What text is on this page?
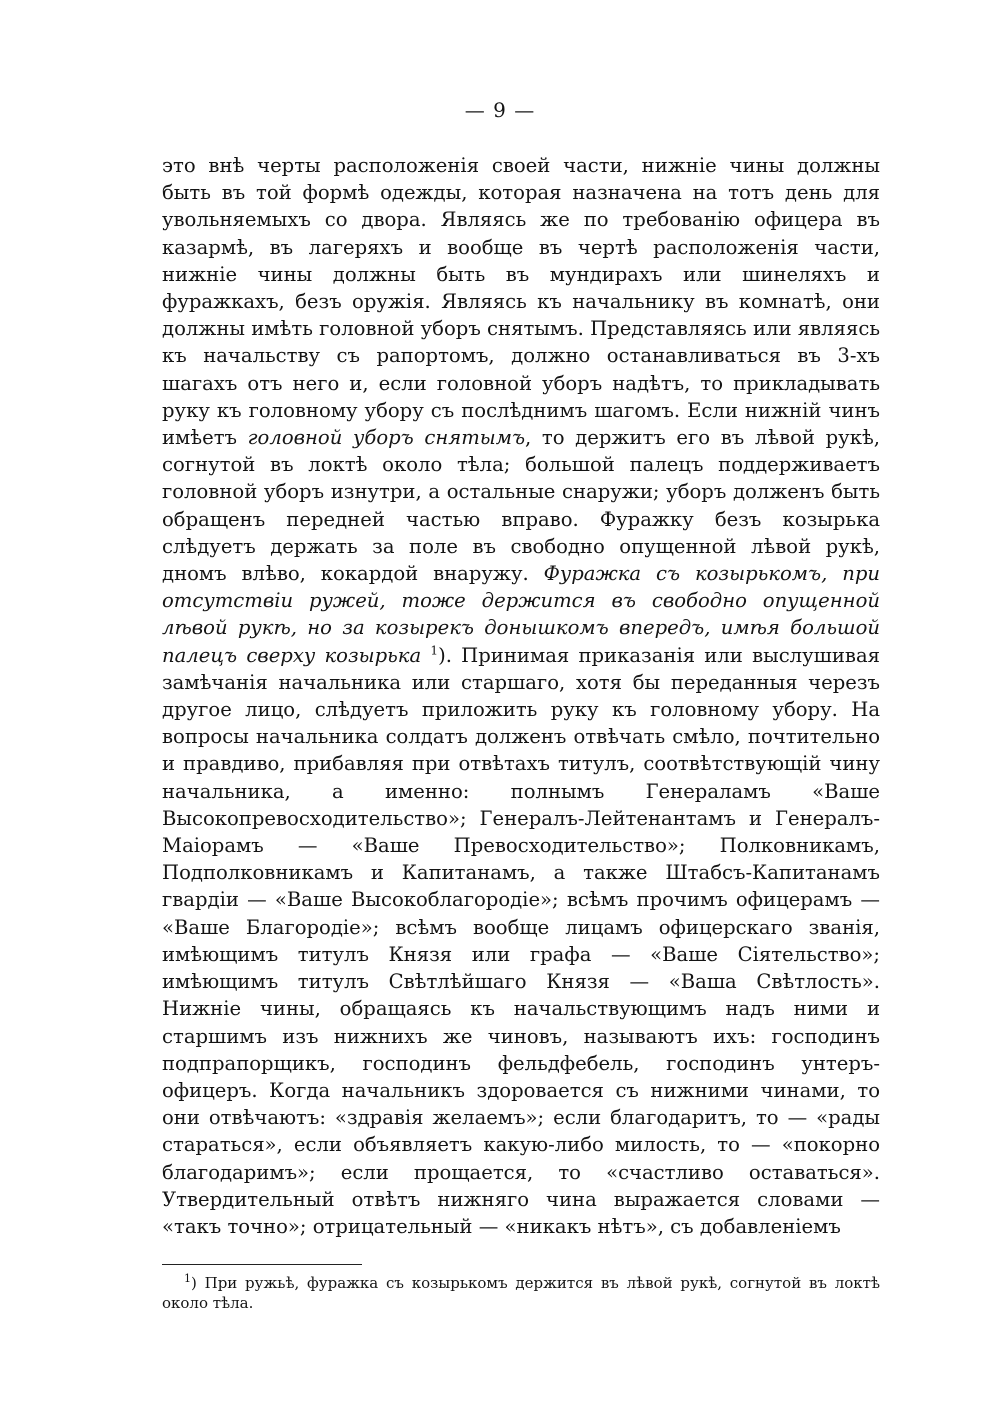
— 9 —
это внѣ черты расположенія своей части, нижніе чины должны быть въ той формѣ одежды, которая назначена на тотъ день для увольняемыхъ со двора. Являясь же по требованію офицера въ казармѣ, въ лагеряхъ и вообще въ чертѣ расположенія части, нижніе чины должны быть въ мундирахъ или шинеляхъ и фуражкахъ, безъ оружія. Являясь къ начальнику въ комнатѣ, они должны имѣть головной уборъ снятымъ. Представляясь или являясь къ начальству съ рапортомъ, должно останавливаться въ 3-хъ шагахъ отъ него и, если головной уборъ надѣтъ, то прикладывать руку къ головному убору съ послѣднимъ шагомъ. Если нижній чинъ имѣетъ головной уборъ снятымъ, то держитъ его въ лѣвой рукѣ, согнутой въ локтѣ около тѣла; большой палецъ поддерживаетъ головной уборъ изнутри, а остальные снаружи; уборъ долженъ быть обращенъ передней частью вправо. Фуражку безъ козырька слѣдуетъ держать за поле въ свободно опущенной лѣвой рукѣ, дномъ влѣво, кокардой внаружу. Фуражка съ козырькомъ, при отсутствіи ружей, тоже держится въ свободно опущенной лѣвой рукѣ, но за козырекъ донышкомъ впередъ, имѣя большой палецъ сверху козырька $^1$). Принимая приказанія или выслушивая замѣчанія начальника или старшаго, хотя бы переданныя черезъ другое лицо, слѣдуетъ приложить руку къ головному убору. На вопросы начальника солдатъ долженъ отвѣчать смѣло, почтительно и правдиво, прибавляя при отвѣтахъ титулъ, соотвѣтствующій чину начальника, а именно: полнымъ Генераламъ «Ваше Высокопревосходительство»; Генералъ-Лейтенантамъ и Генералъ-Маіорамъ — «Ваше Превосходительство»; Полковникамъ, Подполковникамъ и Капитанамъ, а также Штабсъ-Капитанамъ гвардіи — «Ваше Высокоблагородіе»; всѣмъ прочимъ офицерамъ — «Ваше Благородіе»; всѣмъ вообще лицамъ офицерскаго званія, имѣющимъ титулъ Князя или графа — «Ваше Сіятельство»; имѣющимъ титулъ Свѣтлѣйшаго Князя — «Ваша Свѣтлость». Нижніе чины, обращаясь къ начальствующимъ надъ ними и старшимъ изъ нижнихъ же чиновъ, называютъ ихъ: господинъ подпрапорщикъ, господинъ фельдфебель, господинъ унтеръ-офицеръ. Когда начальникъ здоровается съ нижними чинами, то они отвѣчаютъ: «здравія желаемъ»; если благодаритъ, то — «рады стараться», если объявляетъ какую-либо милость, то — «покорно благодаримъ»; если прощается, то «счастливо оставаться». Утвердительный отвѣтъ нижняго чина выражается словами — «такъ точно»; отрицательный — «никакъ нѣтъ», съ добавленіемъ
$^1$) При ружьѣ, фуражка съ козырькомъ держится въ лѣвой рукѣ, согнутой въ локтѣ около тѣла.
